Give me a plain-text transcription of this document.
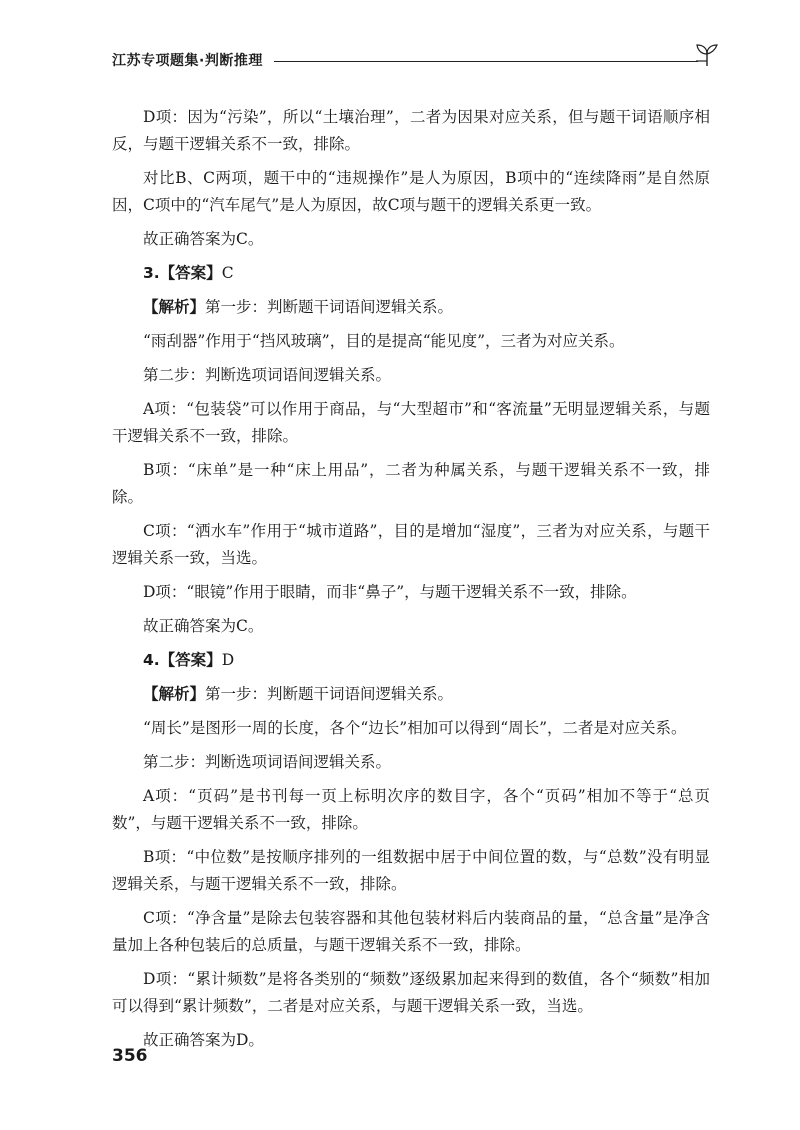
江苏专项题集·判断推理

D项：因为“污染”，所以“土壤治理”，二者为因果对应关系，但与题干词语顺序相反，与题干逻辑关系不一致，排除。

对比B、C两项，题干中的“违规操作”是人为原因，B项中的“连续降雨”是自然原因，C项中的“汽车尾气”是人为原因，故C项与题干的逻辑关系更一致。

故正确答案为C。

3.【答案】C

【解析】第一步：判断题干词语间逻辑关系。

“雨刮器”作用于“挡风玻璃”，目的是提高“能见度”，三者为对应关系。

第二步：判断选项词语间逻辑关系。

A项：“包装袋”可以作用于商品，与“大型超市”和“客流量”无明显逻辑关系，与题干逻辑关系不一致，排除。

B项：“床单”是一种“床上用品”，二者为种属关系，与题干逻辑关系不一致，排除。

C项：“洒水车”作用于“城市道路”，目的是增加“湿度”，三者为对应关系，与题干逻辑关系一致，当选。

D项：“眼镜”作用于眼睛，而非“鼻子”，与题干逻辑关系不一致，排除。

故正确答案为C。

4.【答案】D

【解析】第一步：判断题干词语间逻辑关系。

“周长”是图形一周的长度，各个“边长”相加可以得到“周长”，二者是对应关系。

第二步：判断选项词语间逻辑关系。

A项：“页码”是书刊每一页上标明次序的数目字，各个“页码”相加不等于“总页数”，与题干逻辑关系不一致，排除。

B项：“中位数”是按顺序排列的一组数据中居于中间位置的数，与“总数”没有明显逻辑关系，与题干逻辑关系不一致，排除。

C项：“净含量”是除去包装容器和其他包装材料后内装商品的量，“总含量”是净含量加上各种包装后的总质量，与题干逻辑关系不一致，排除。

D项：“累计频数”是将各类别的“频数”逐级累加起来得到的数值，各个“频数”相加可以得到“累计频数”，二者是对应关系，与题干逻辑关系一致，当选。

故正确答案为D。

356
